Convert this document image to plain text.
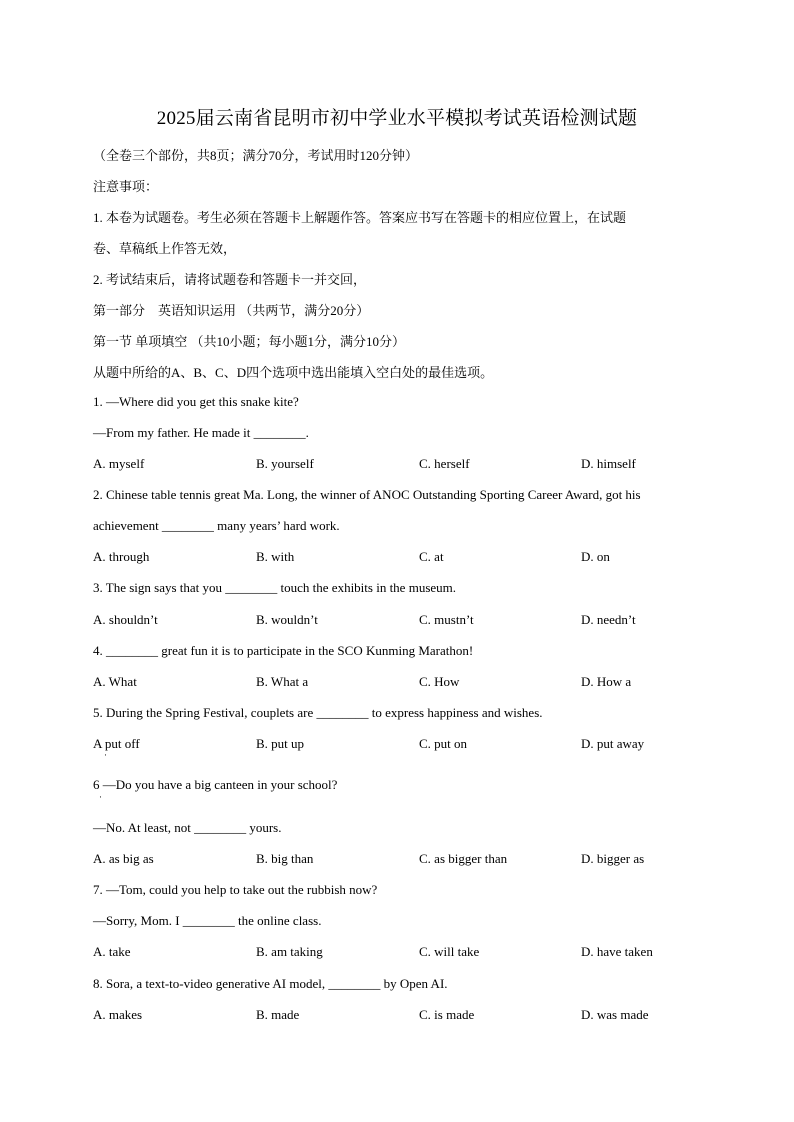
2025届云南省昆明市初中学业水平模拟考试英语检测试题
（全卷三个部份，共8页；满分70分，考试用时120分钟）
注意事项：
1. 本卷为试题卷。考生必须在答题卡上解题作答。答案应书写在答题卡的相应位置上，在试题
卷、草稿纸上作答无效，
2. 考试结束后，请将试题卷和答题卡一并交回，
第一部分　英语知识运用 （共两节，满分20分）
第一节 单项填空 （共10小题；每小题1分，满分10分）
从题中所给的A、B、C、D四个选项中选出能填入空白处的最佳选项。
1. —Where did you get this snake kite?
—From my father. He made it ________.
A. myself	B. yourself	C. herself	D. himself
2. Chinese table tennis great Ma. Long, the winner of ANOC Outstanding Sporting Career Award, got his
achievement ________ many years’ hard work.
A. through	B. with	C. at	D. on
3. The sign says that you ________ touch the exhibits in the museum.
A. shouldn’t	B. wouldn’t	C. mustn’t	D. needn’t
4. ________ great fun it is to participate in the SCO Kunming Marathon!
A. What	B. What a	C. How	D. How a
5. During the Spring Festival, couplets are ________ to express happiness and wishes.
A put off	B. put up	C. put on	D. put away
·
6 —Do you have a big canteen in your school?
·
—No. At least, not ________ yours.
A. as big as	B. big than	C. as bigger than	D. bigger as
7. —Tom, could you help to take out the rubbish now?
—Sorry, Mom. I ________ the online class.
A. take	B. am taking	C. will take	D. have taken
8. Sora, a text-to-video generative AI model, ________ by Open AI.
A. makes	B. made	C. is made	D. was made
